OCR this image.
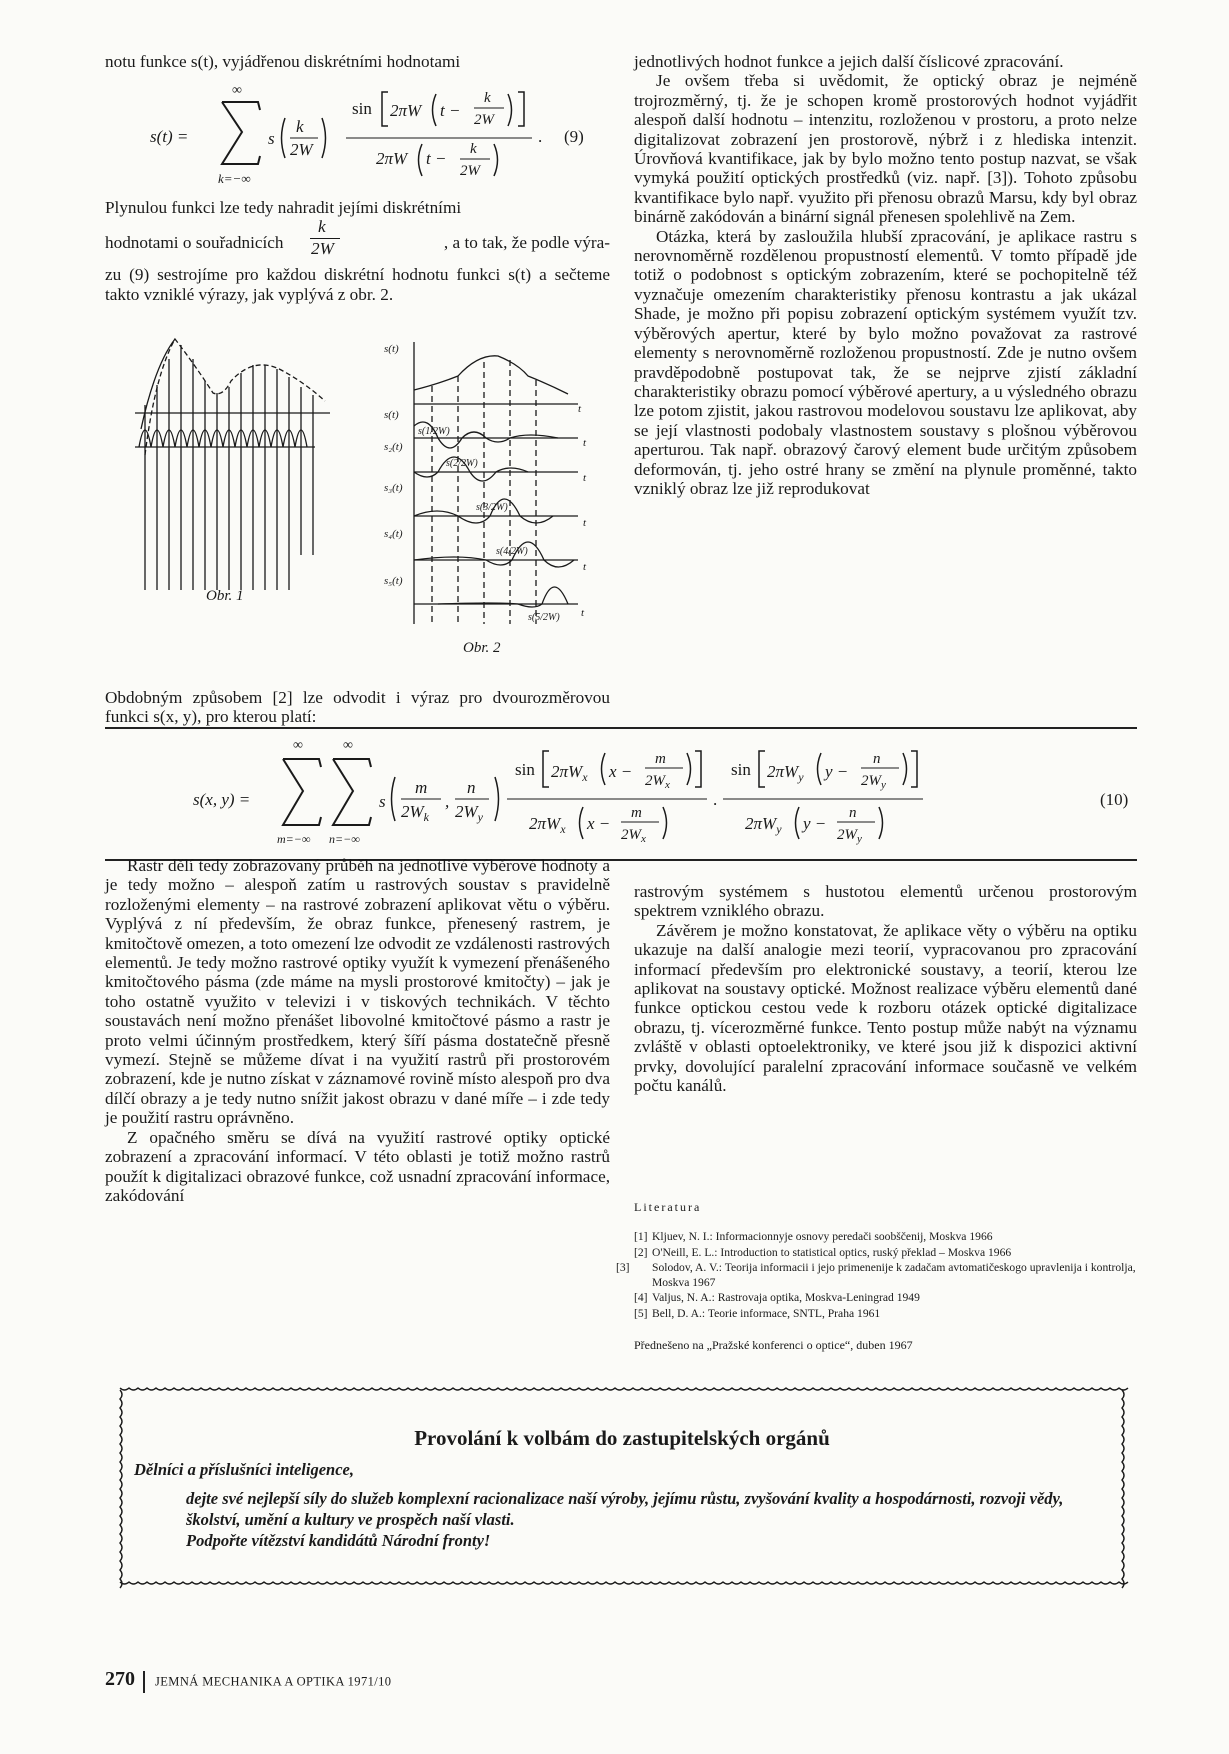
notu funkce s(t), vyjádřenou diskrétními hodnotami

s(t) =
∞
k=−∞
s
k
2W
sin 2πW t −
k
2W
2πW t − k
2W
. (9)

Plynulou funkci lze tedy nahradit jejími diskrétními

hodnotami o souřadnicích
k
2W	, a to tak, že podle výra-

zu (9) sestrojíme pro každou diskrétní hodnotu funkci s(t) a sečteme takto vzniklé výrazy, jak vyplývá z obr. 2.

Obr. 1
s(t)
s(t)
s₂(t)
s₃(t)
s₄(t)
s₅(t)
t
t
t
t
t
t
s(1/2W)
s(2/2W)
s(3/2W)
s(4/2W)
s(5/2W)
Obr. 2

Obdobným způsobem [2] lze odvodit i výraz pro dvourozměrovou funkci s(x, y), pro kterou platí:

jednotlivých hodnot funkce a jejich další číslicové zpracování.

Je ovšem třeba si uvědomit, že optický obraz je nejméně trojrozměrný, tj. že je schopen kromě prostorových hodnot vyjádřit alespoň další hodnotu – intenzitu, rozloženou v prostoru, a proto nelze digitalizovat zobrazení jen prostorově, nýbrž i z hlediska intenzit. Úrovňová kvantifikace, jak by bylo možno tento postup nazvat, se však vymyká použití optických prostředků (viz. např. [3]). Tohoto způsobu kvantifikace bylo např. využito při přenosu obrazů Marsu, kdy byl obraz binárně zakódován a binární signál přenesen spolehlivě na Zem.

Otázka, která by zasloužila hlubší zpracování, je aplikace rastru s nerovnoměrně rozdělenou propustností elementů. V tomto případě jde totiž o podobnost s optickým zobrazením, které se pochopitelně též vyznačuje omezením charakteristiky přenosu kontrastu a jak ukázal Shade, je možno při popisu zobrazení optickým systémem využít tzv. výběrových apertur, které by bylo možno považovat za rastrové elementy s nerovnoměrně rozloženou propustností. Zde je nutno ovšem pravděpodobně postupovat tak, že se nejprve zjistí základní charakteristiky obrazu pomocí výběrové apertury, a u výsledného obrazu lze potom zjistit, jakou rastrovou modelovou soustavu lze aplikovat, aby se její vlastnosti podobaly vlastnostem soustavy s plošnou výběrovou aperturou. Tak např. obrazový čarový element bude určitým způsobem deformován, tj. jeho ostré hrany se změní na plynule proměnné, takto vzniklý obraz lze již reprodukovat

s(x, y) =
∞
m=−∞
∞
n=−∞
s
m
$2W_k$
,
n
$2W_y$
$\sin 2\pi W_x$ x −
m
$2W_x$
$2\pi W_x$ x −
m
$2W_x$
.
$\sin 2\pi W_y$ y −
n
$2W_y$
$2\pi W_y$ y −
n
$2W_y$
(10)

Rastr dělí tedy zobrazovaný průběh na jednotlivé výběrové hodnoty a je tedy možno – alespoň zatím u rastrových soustav s pravidelně rozloženými elementy – na rastrové zobrazení aplikovat větu o výběru. Vyplývá z ní především, že obraz funkce, přenesený rastrem, je kmitočtově omezen, a toto omezení lze odvodit ze vzdálenosti rastrových elementů. Je tedy možno rastrové optiky využít k vymezení přenášeného kmitočtového pásma (zde máme na mysli prostorové kmitočty) – jak je toho ostatně využito v televizi i v tiskových technikách. V těchto soustavách není možno přenášet libovolné kmitočtové pásmo a rastr je proto velmi účinným prostředkem, který šíří pásma dostatečně přesně vymezí. Stejně se můžeme dívat i na využití rastrů při prostorovém zobrazení, kde je nutno získat v záznamové rovině místo alespoň pro dva dílčí obrazy a je tedy nutno snížit jakost obrazu v dané míře – i zde tedy je použití rastru oprávněno.

Z opačného směru se dívá na využití rastrové optiky optické zobrazení a zpracování informací. V této oblasti je totiž možno rastrů použít k digitalizaci obrazové funkce, což usnadní zpracování informace, zakódování

rastrovým systémem s hustotou elementů určenou prostorovým spektrem vzniklého obrazu.

Závěrem je možno konstatovat, že aplikace věty o výběru na optiku ukazuje na další analogie mezi teorií, vypracovanou pro zpracování informací především pro elektronické soustavy, a teorií, kterou lze aplikovat na soustavy optické. Možnost realizace výběru elementů dané funkce optickou cestou vede k rozboru otázek optické digitalizace obrazu, tj. vícerozměrné funkce. Tento postup může nabýt na významu zvláště v oblasti optoelektroniky, ve které jsou již k dispozici aktivní prvky, dovolující paralelní zpracování informace současně ve velkém počtu kanálů.

Literatura
[1] Kljuev, N. I.: Informacionnyje osnovy peredači soobščenij, Moskva 1966
[2] O'Neill, E. L.: Introduction to statistical optics, ruský překlad – Moskva 1966
[3] Solodov, A. V.: Teorija informacii i jejo primenenije k zadačam avtomatičeskogo upravlenija i kontrolja, Moskva 1967
[4] Valjus, N. A.: Rastrovaja optika, Moskva-Leningrad 1949
[5] Bell, D. A.: Teorie informace, SNTL, Praha 1961
Přednešeno na „Pražské konferenci o optice“, duben 1967
Provolání k volbám do zastupitelských orgánů
Dělníci a příslušníci inteligence,

dejte své nejlepší síly do služeb komplexní racionalizace naší výroby, jejímu růstu, zvyšování kvality a hospodárnosti, rozvoji vědy, školství, umění a kultury ve prospěch naší vlasti.

Podpořte vítězství kandidátů Národní fronty!

270 JEMNÁ MECHANIKA A OPTIKA 1971/10
